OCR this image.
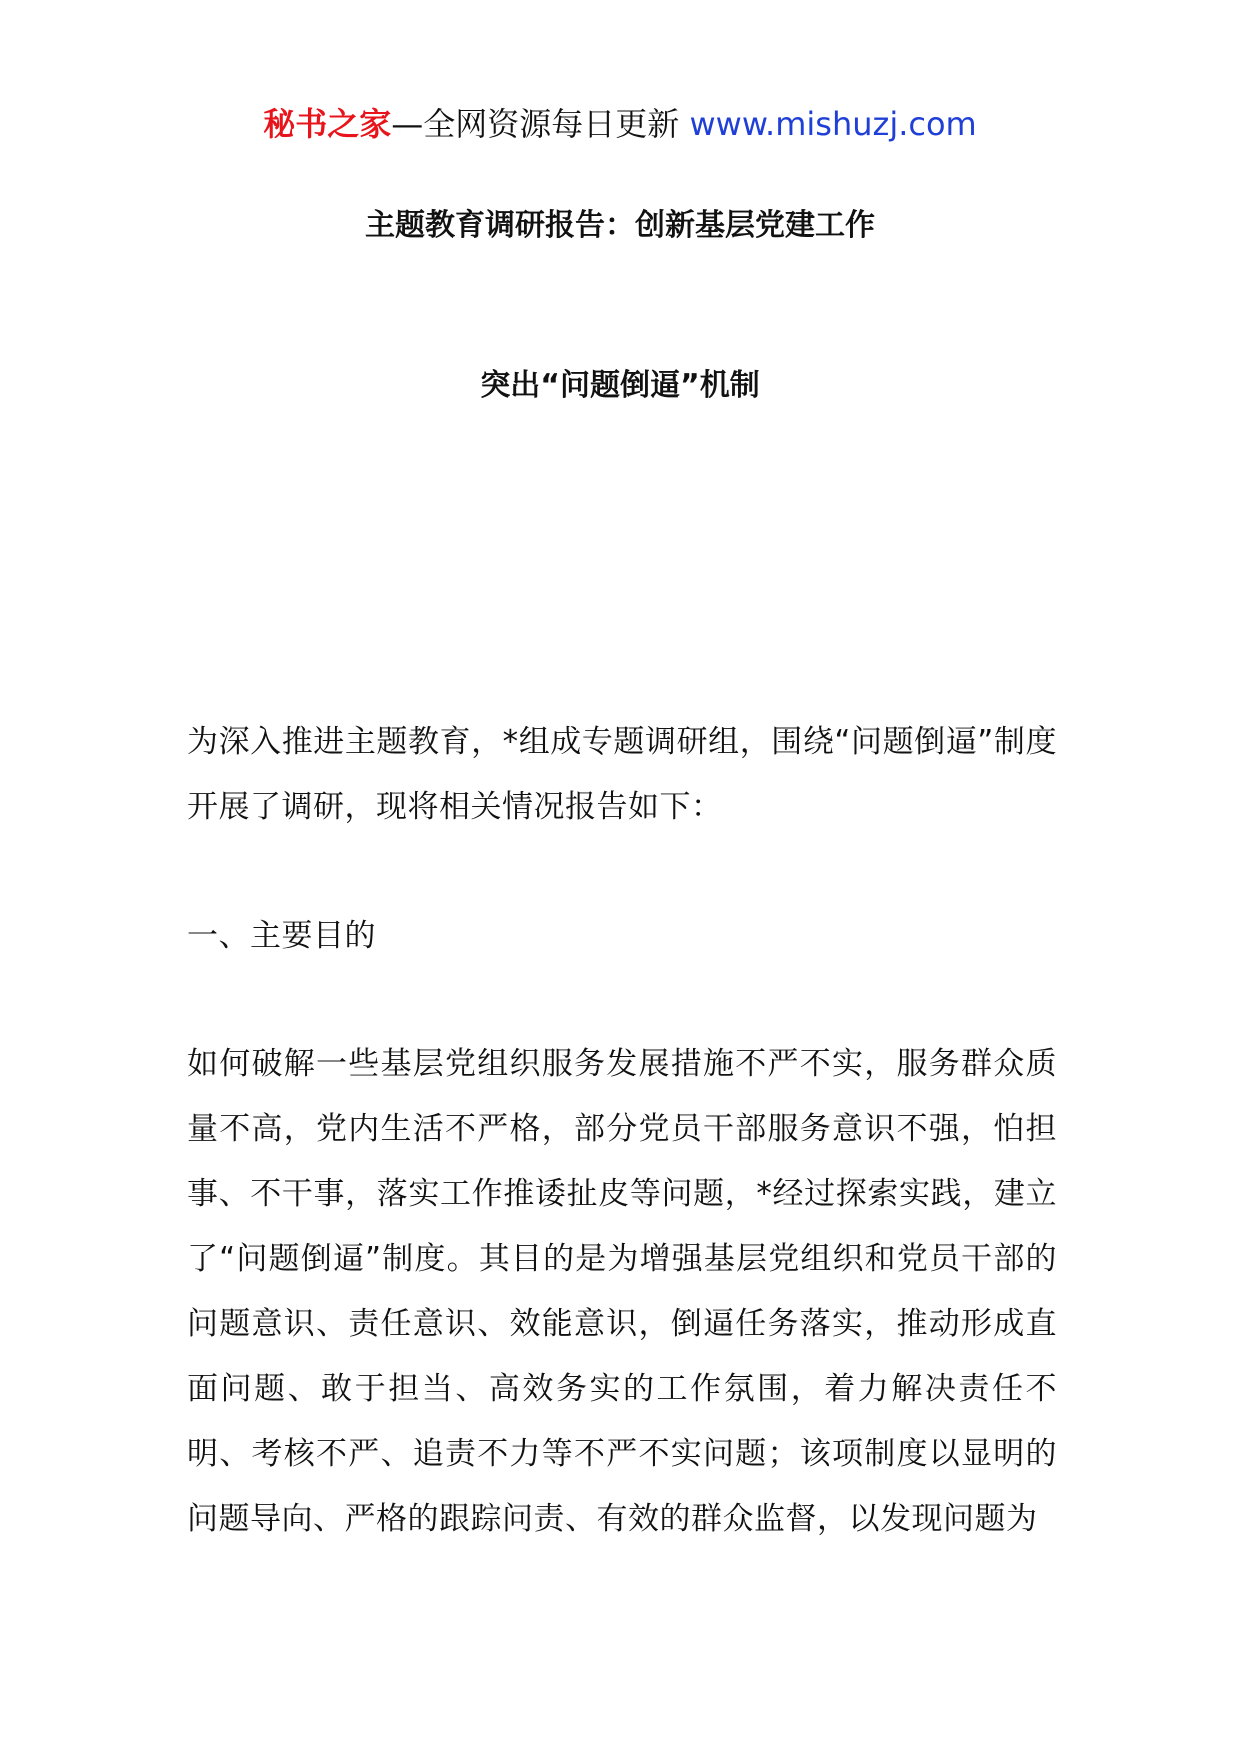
秘书之家—全网资源每日更新 www.mishuzj.com
主题教育调研报告：创新基层党建工作
突出“问题倒逼”机制
为深入推进主题教育，*组成专题调研组，围绕“问题倒逼”制度开展了调研，现将相关情况报告如下：
一、主要目的
如何破解一些基层党组织服务发展措施不严不实，服务群众质量不高，党内生活不严格，部分党员干部服务意识不强，怕担事、不干事，落实工作推诿扯皮等问题，*经过探索实践，建立了“问题倒逼”制度。其目的是为增强基层党组织和党员干部的问题意识、责任意识、效能意识，倒逼任务落实，推动形成直面问题、敢于担当、高效务实的工作氛围，着力解决责任不明、考核不严、追责不力等不严不实问题；该项制度以显明的问题导向、严格的跟踪问责、有效的群众监督，以发现问题为
